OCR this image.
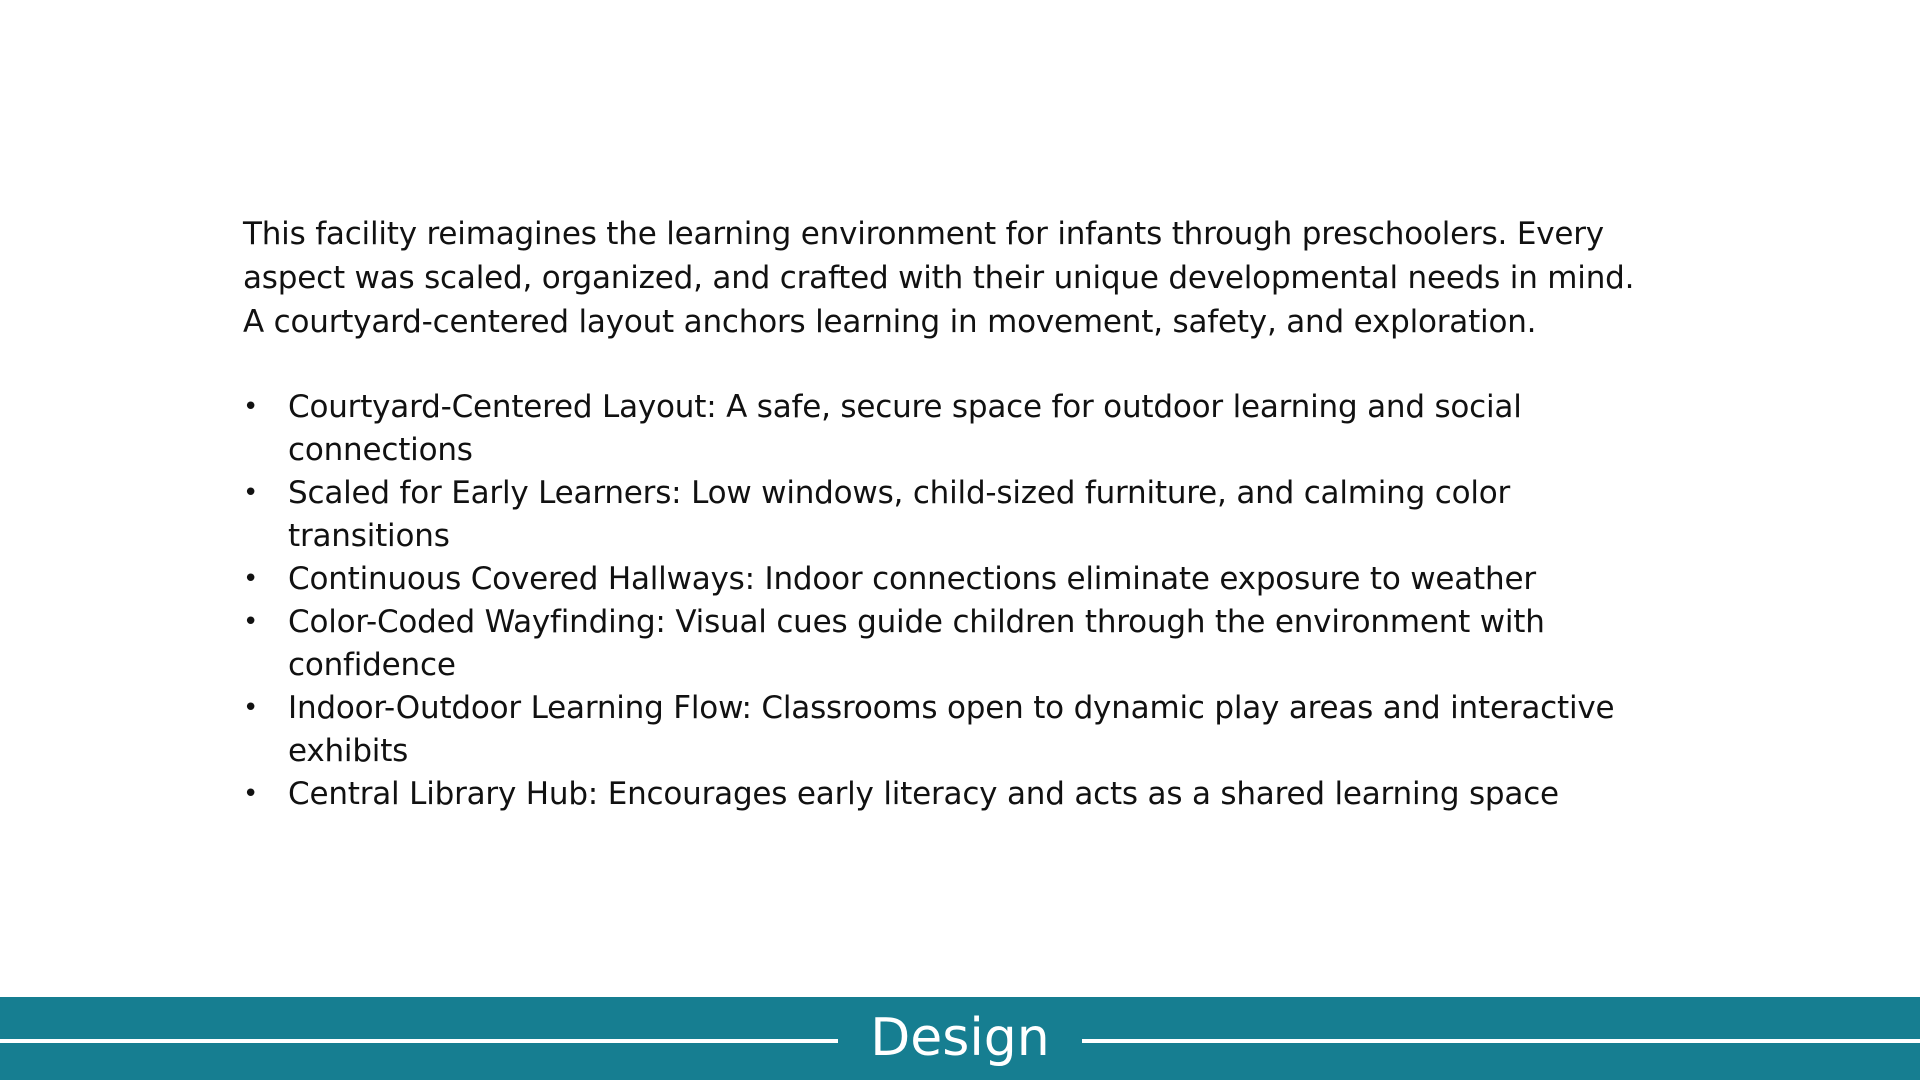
This facility reimagines the learning environment for infants through preschoolers. Every

aspect was scaled, organized, and crafted with their unique developmental needs in mind.

A courtyard-centered layout anchors learning in movement, safety, and exploration.

• Courtyard-Centered Layout: A safe, secure space for outdoor learning and social connections
• Scaled for Early Learners: Low windows, child-sized furniture, and calming color transitions
• Continuous Covered Hallways: Indoor connections eliminate exposure to weather
• Color-Coded Wayfinding: Visual cues guide children through the environment with confidence
• Indoor-Outdoor Learning Flow: Classrooms open to dynamic play areas and interactive exhibits
• Central Library Hub: Encourages early literacy and acts as a shared learning space
Design
